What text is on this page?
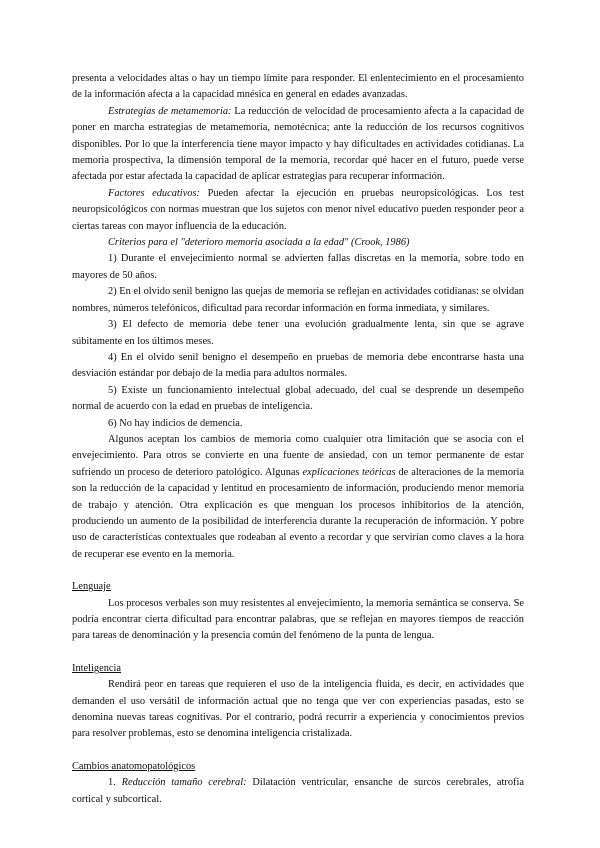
presenta a velocidades altas o hay un tiempo límite para responder. El enlentecimiento en el procesamiento de la información afecta a la capacidad mnésica en general en edades avanzadas.

Estrategias de metamemoria: La reducción de velocidad de procesamiento afecta a la capacidad de poner en marcha estrategias de metamemoria, nemotécnica; ante la reducción de los recursos cognitivos disponibles. Por lo que la interferencia tiene mayor impacto y hay dificultades en actividades cotidianas. La memoria prospectiva, la dimensión temporal de la memoria, recordar qué hacer en el futuro, puede verse afectada por estar afectada la capacidad de aplicar estrategias para recuperar información.

Factores educativos: Pueden afectar la ejecución en pruebas neuropsicológicas. Los test neuropsicológicos con normas muestran que los sujetos con menor nivel educativo pueden responder peor a ciertas tareas con mayor influencia de la educación.

Criterios para el "deterioro memoria asociada a la edad" (Crook, 1986)

1) Durante el envejecimiento normal se advierten fallas discretas en la memoria, sobre todo en mayores de 50 años.

2) En el olvido senil benigno las quejas de memoria se reflejan en actividades cotidianas: se olvidan nombres, números telefónicos, dificultad para recordar información en forma inmediata, y similares.

3) El defecto de memoria debe tener una evolución gradualmente lenta, sin que se agrave súbitamente en los últimos meses.

4) En el olvido senil benigno el desempeño en pruebas de memoria debe encontrarse hasta una desviación estándar por debajo de la media para adultos normales.

5) Existe un funcionamiento intelectual global adecuado, del cual se desprende un desempeño normal de acuerdo con la edad en pruebas de inteligencia.

6) No hay indicios de demencia.

Algunos aceptan los cambios de memoria como cualquier otra limitación que se asocia con el envejecimiento. Para otros se convierte en una fuente de ansiedad, con un temor permanente de estar sufriendo un proceso de deterioro patológico. Algunas explicaciones teóricas de alteraciones de la memoria son la reducción de la capacidad y lentitud en procesamiento de información, produciendo menor memoria de trabajo y atención. Otra explicación es que menguan los procesos inhibitorios de la atención, produciendo un aumento de la posibilidad de interferencia durante la recuperación de información. Y pobre uso de características contextuales que rodeaban al evento a recordar y que servirían como claves a la hora de recuperar ese evento en la memoria.

Lenguaje

Los procesos verbales son muy resistentes al envejecimiento, la memoria semántica se conserva. Se podría encontrar cierta dificultad para encontrar palabras, que se reflejan en mayores tiempos de reacción para tareas de denominación y la presencia común del fenómeno de la punta de lengua.

Inteligencia

Rendirá peor en tareas que requieren el uso de la inteligencia fluida, es decir, en actividades que demanden el uso versátil de información actual que no tenga que ver con experiencias pasadas, esto se denomina nuevas tareas cognitivas. Por el contrario, podrá recurrir a experiencia y conocimientos previos para resolver problemas, esto se denomina inteligencia cristalizada.

Cambios anatomopatológicos

1. Reducción tamaño cerebral: Dilatación ventricular, ensanche de surcos cerebrales, atrofia cortical y subcortical.
